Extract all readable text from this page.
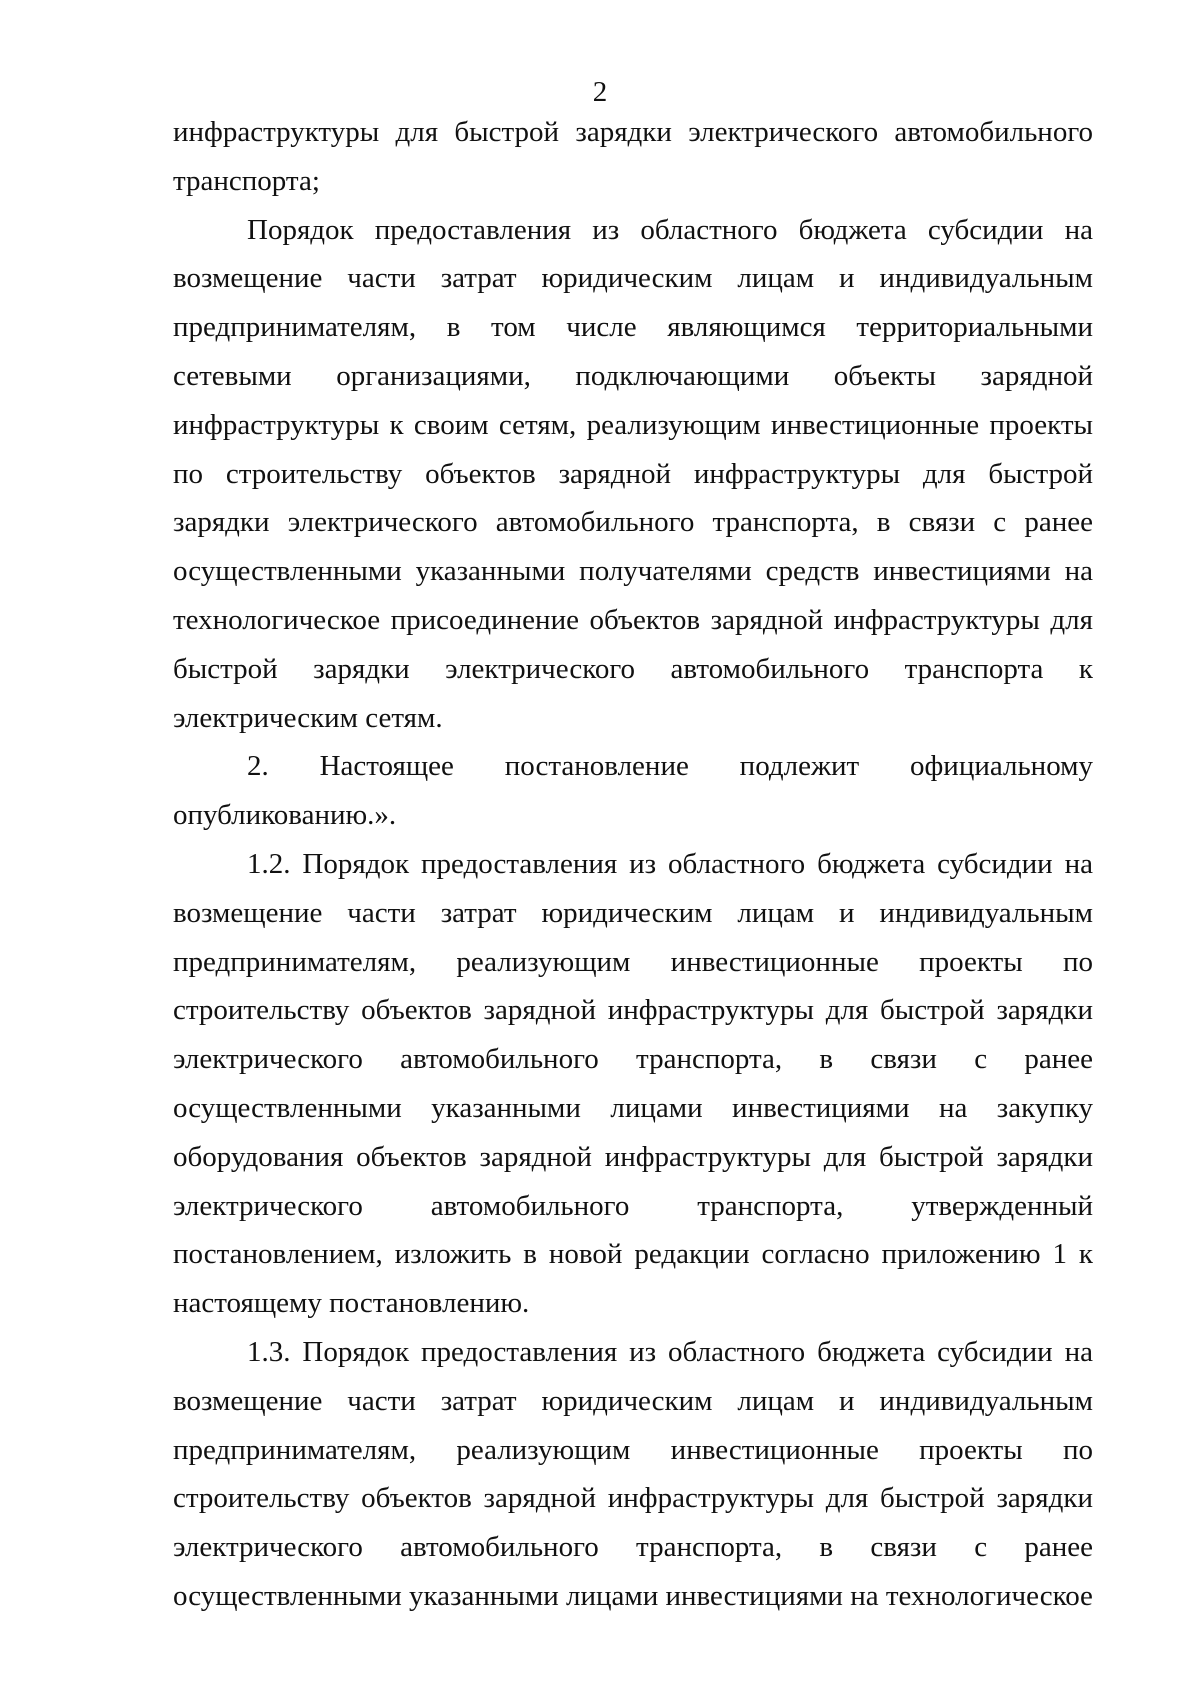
2

инфраструктуры для быстрой зарядки электрического автомобильного транспорта;

Порядок предоставления из областного бюджета субсидии на возмещение части затрат юридическим лицам и индивидуальным предпринимателям, в том числе являющимся территориальными сетевыми организациями, подключающими объекты зарядной инфраструктуры к своим сетям, реализующим инвестиционные проекты по строительству объектов зарядной инфраструктуры для быстрой зарядки электрического автомобильного транспорта, в связи с ранее осуществленными указанными получателями средств инвестициями на технологическое присоединение объектов зарядной инфраструктуры для быстрой зарядки электрического автомобильного транспорта к электрическим сетям.

2. Настоящее постановление подлежит официальному опубликованию.».

1.2. Порядок предоставления из областного бюджета субсидии на возмещение части затрат юридическим лицам и индивидуальным предпринимателям, реализующим инвестиционные проекты по строительству объектов зарядной инфраструктуры для быстрой зарядки электрического автомобильного транспорта, в связи с ранее осуществленными указанными лицами инвестициями на закупку оборудования объектов зарядной инфраструктуры для быстрой зарядки электрического автомобильного транспорта, утвержденный постановлением, изложить в новой редакции согласно приложению 1 к настоящему постановлению.

1.3. Порядок предоставления из областного бюджета субсидии на возмещение части затрат юридическим лицам и индивидуальным предпринимателям, реализующим инвестиционные проекты по строительству объектов зарядной инфраструктуры для быстрой зарядки электрического автомобильного транспорта, в связи с ранее осуществленными указанными лицами инвестициями на технологическое
